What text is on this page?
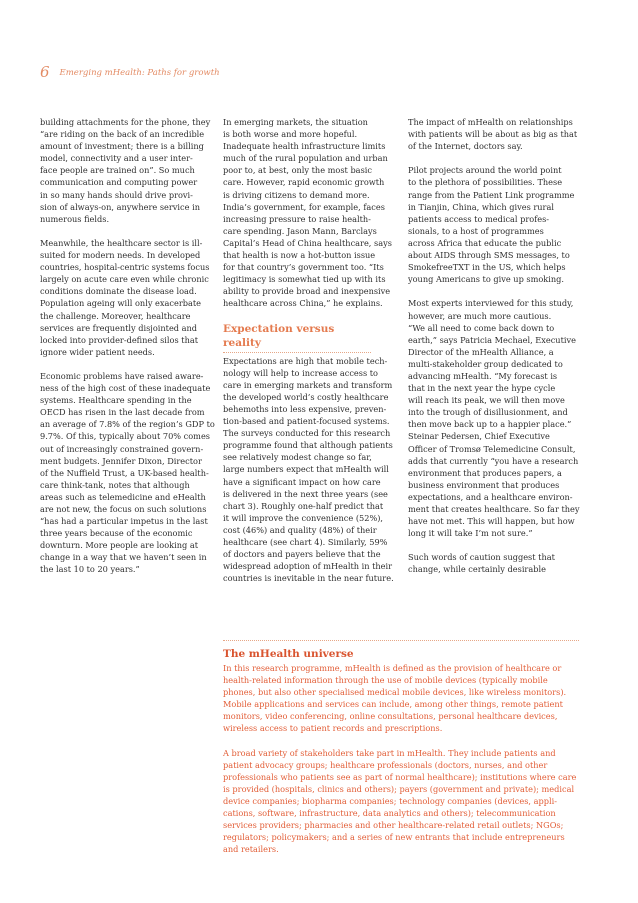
6 Emerging mHealth: Paths for growth

building attachments for the phone, they
“are riding on the back of an incredible
amount of investment; there is a billing
model, connectivity and a user inter-
face people are trained on”. So much
communication and computing power
in so many hands should drive provi-
sion of always-on, anywhere service in
numerous fields.

Meanwhile, the healthcare sector is ill-
suited for modern needs. In developed
countries, hospital-centric systems focus
largely on acute care even while chronic
conditions dominate the disease load.
Population ageing will only exacerbate
the challenge. Moreover, healthcare
services are frequently disjointed and
locked into provider-defined silos that
ignore wider patient needs.

Economic problems have raised aware-
ness of the high cost of these inadequate
systems. Healthcare spending in the
OECD has risen in the last decade from
an average of 7.8% of the region’s GDP to
9.7%. Of this, typically about 70% comes
out of increasingly constrained govern-
ment budgets. Jennifer Dixon, Director
of the Nuffield Trust, a UK-based health-
care think-tank, notes that although
areas such as telemedicine and eHealth
are not new, the focus on such solutions
“has had a particular impetus in the last
three years because of the economic
downturn. More people are looking at
change in a way that we haven’t seen in
the last 10 to 20 years.”

In emerging markets, the situation
is both worse and more hopeful.
Inadequate health infrastructure limits
much of the rural population and urban
poor to, at best, only the most basic
care. However, rapid economic growth
is driving citizens to demand more.
India’s government, for example, faces
increasing pressure to raise health-
care spending. Jason Mann, Barclays
Capital’s Head of China healthcare, says
that health is now a hot-button issue
for that country’s government too. “Its
legitimacy is somewhat tied up with its
ability to provide broad and inexpensive
healthcare across China,” he explains.

Expectation versus reality

Expectations are high that mobile tech-
nology will help to increase access to
care in emerging markets and transform
the developed world’s costly healthcare
behemoths into less expensive, preven-
tion-based and patient-focused systems.
The surveys conducted for this research
programme found that although patients
see relatively modest change so far,
large numbers expect that mHealth will
have a significant impact on how care
is delivered in the next three years (see
chart 3). Roughly one-half predict that
it will improve the convenience (52%),
cost (46%) and quality (48%) of their
healthcare (see chart 4). Similarly, 59%
of doctors and payers believe that the
widespread adoption of mHealth in their
countries is inevitable in the near future.

The impact of mHealth on relationships
with patients will be about as big as that
of the Internet, doctors say.

Pilot projects around the world point
to the plethora of possibilities. These
range from the Patient Link programme
in Tianjin, China, which gives rural
patients access to medical profes-
sionals, to a host of programmes
across Africa that educate the public
about AIDS through SMS messages, to
SmokefreeTXT in the US, which helps
young Americans to give up smoking.

Most experts interviewed for this study,
however, are much more cautious.
“We all need to come back down to
earth,” says Patricia Mechael, Executive
Director of the mHealth Alliance, a
multi-stakeholder group dedicated to
advancing mHealth. “My forecast is
that in the next year the hype cycle
will reach its peak, we will then move
into the trough of disillusionment, and
then move back up to a happier place.”
Steinar Pedersen, Chief Executive
Officer of Tromsø Telemedicine Consult,
adds that currently “you have a research
environment that produces papers, a
business environment that produces
expectations, and a healthcare environ-
ment that creates healthcare. So far they
have not met. This will happen, but how
long it will take I’m not sure.”

Such words of caution suggest that
change, while certainly desirable

The mHealth universe

In this research programme, mHealth is defined as the provision of healthcare or
health-related information through the use of mobile devices (typically mobile
phones, but also other specialised medical mobile devices, like wireless monitors).
Mobile applications and services can include, among other things, remote patient
monitors, video conferencing, online consultations, personal healthcare devices,
wireless access to patient records and prescriptions.

A broad variety of stakeholders take part in mHealth. They include patients and
patient advocacy groups; healthcare professionals (doctors, nurses, and other
professionals who patients see as part of normal healthcare); institutions where care
is provided (hospitals, clinics and others); payers (government and private); medical
device companies; biopharma companies; technology companies (devices, appli-
cations, software, infrastructure, data analytics and others); telecommunication
services providers; pharmacies and other healthcare-related retail outlets; NGOs;
regulators; policymakers; and a series of new entrants that include entrepreneurs
and retailers.
